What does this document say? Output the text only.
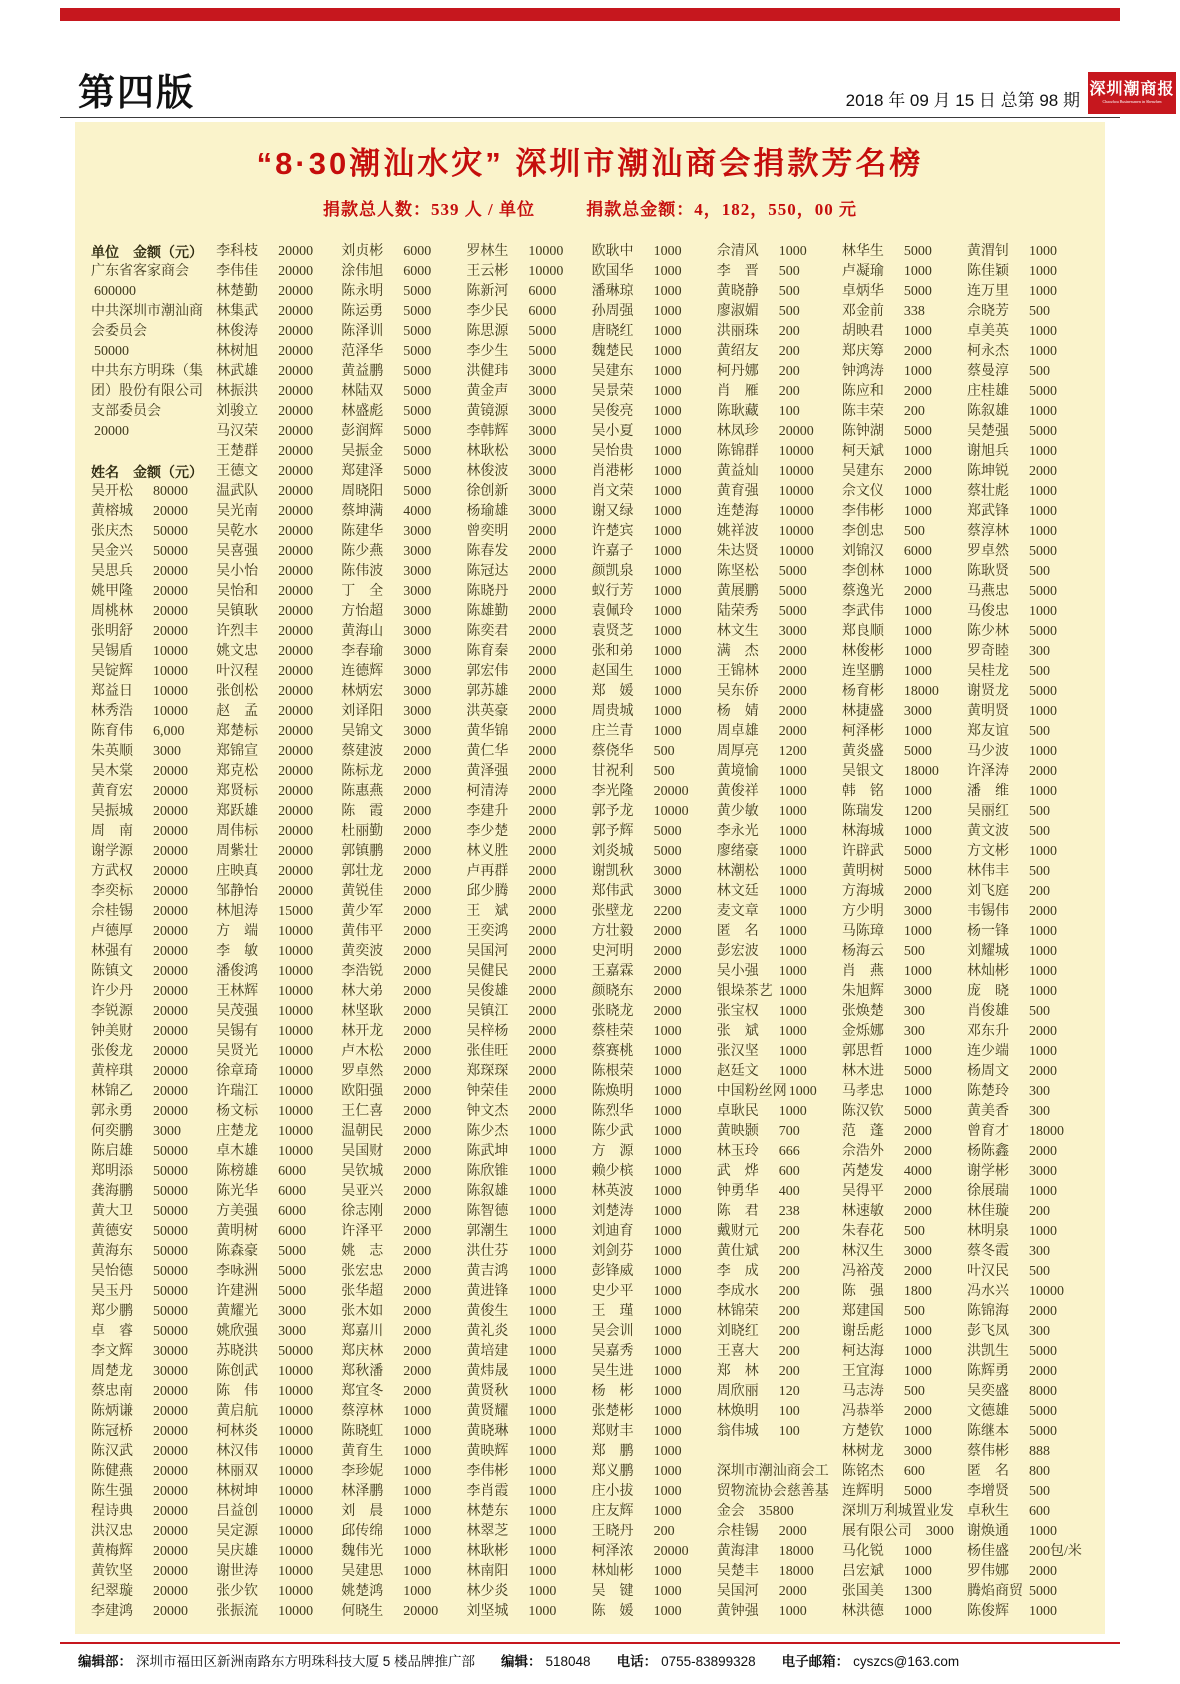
第四版	2018 年 09 月 15 日 总第 98 期
深圳潮商报
Chaozhou Businessmen in Shenzhen
“8·30潮汕水灾” 深圳市潮汕商会捐款芳名榜
捐款总人数：539 人 / 单位	捐款总金额：4，182，550，00 元
单位　金额（元）
广东省客家商会
600000
中共深圳市潮汕商会委员会
50000
中共东方明珠（集团）股份有限公司支部委员会
20000
姓名　金额（元）
吴开松	80000
黄榕城	20000
张庆杰	50000
吴金兴	50000
吴思兵	20000
姚甲隆	20000
周桃林	20000
张明舒	20000
吴锡盾	10000
吴锭辉	10000
郑益日	10000
林秀浩	10000
陈育伟	6,000
朱英顺	3000
吴木棠	20000
黄育宏	20000
吴振城	20000
周　南	20000
谢学源	20000
方武权	20000
李奕标	20000
佘桂锡	20000
卢德厚	20000
林强有	20000
陈镇文	20000
许少丹	20000
李锐源	20000
钟美财	20000
张俊龙	20000
黄梓琪	20000
林锦乙	20000
郭永勇	20000
何奕鹏	3000
陈启雄	50000
郑明添	50000
龚海鹏	50000
黄大卫	50000
黄德安	50000
黄海东	50000
吴怡德	50000
吴玉丹	50000
郑少鹏	50000
卓　睿	50000
李文辉	30000
周楚龙	30000
蔡忠南	20000
陈炳谦	20000
陈冠桥	20000
陈汉武	20000
陈健燕	20000
陈生强	20000
程诗典	20000
洪汉忠	20000
黄梅辉	20000
黄钦坚	20000
纪翠璇	20000
李建鸿	20000
李科枝	20000
李伟佳	20000
林楚勤	20000
林集武	20000
林俊涛	20000
林树旭	20000
林武雄	20000
林振洪	20000
刘骏立	20000
马汉荣	20000
王楚群	20000
王德文	20000
温武队	20000
吴光南	20000
吴乾水	20000
吴喜强	20000
吴小怡	20000
吴怡和	20000
吴镇耿	20000
许烈丰	20000
姚文忠	20000
叶汉程	20000
张创松	20000
赵　孟	20000
郑楚标	20000
郑锦宣	20000
郑克松	20000
郑贤标	20000
郑跃雄	20000
周伟标	20000
周紫壮	20000
庄映真	20000
邹静怡	20000
林旭涛	15000
方　端	10000
李　敏	10000
潘俊鸿	10000
王林辉	10000
吴茂强	10000
吴锡有	10000
吴贤光	10000
徐章琦	10000
许瑞江	10000
杨文标	10000
庄楚龙	10000
卓木雄	10000
陈榜雄	6000
陈光华	6000
方美强	6000
黄明树	6000
陈森豪	5000
李咏洲	5000
许建洲	5000
黄耀光	3000
姚欣强	3000
苏晓洪	50000
陈创武	10000
陈　伟	10000
黄启航	10000
柯林炎	10000
林汉伟	10000
林丽双	10000
林树坤	10000
吕益创	10000
吴定源	10000
吴庆雄	10000
谢世涛	10000
张少钦	10000
张振流	10000
刘贞彬	6000
涂伟旭	6000
陈永明	5000
陈运勇	5000
陈泽训	5000
范泽华	5000
黄益鹏	5000
林陆双	5000
林盛彪	5000
彭润辉	5000
吴振金	5000
郑建泽	5000
周晓阳	5000
蔡坤满	4000
陈建华	3000
陈少燕	3000
陈伟波	3000
丁　全	3000
方怡超	3000
黄海山	3000
李春瑜	3000
连德辉	3000
林炳宏	3000
刘译阳	3000
吴锦文	3000
蔡建波	2000
陈标龙	2000
陈惠燕	2000
陈　霞	2000
杜丽勤	2000
郭镇鹏	2000
郭壮龙	2000
黄锐佳	2000
黄少军	2000
黄伟平	2000
黄奕波	2000
李浩锐	2000
林大弟	2000
林坚耿	2000
林开龙	2000
卢木松	2000
罗卓然	2000
欧阳强	2000
王仁喜	2000
温朝民	2000
吴国财	2000
吴钦城	2000
吴亚兴	2000
徐志刚	2000
许泽平	2000
姚　志	2000
张宏忠	2000
张华超	2000
张木如	2000
郑嘉川	2000
郑庆林	2000
郑秋潘	2000
郑宜冬	2000
蔡淳林	1000
陈晓虹	1000
黄育生	1000
李珍妮	1000
林泽鹏	1000
刘　晨	1000
邱传绵	1000
魏伟光	1000
吴建思	1000
姚楚鸿	1000
何晓生	20000
罗林生	10000
王云彬	10000
陈新河	6000
李少民	6000
陈思源	5000
李少生	5000
洪健玮	3000
黄金声	3000
黄镜源	3000
李韩辉	3000
林耿松	3000
林俊波	3000
徐创新	3000
杨瑜雄	3000
曾奕明	2000
陈春发	2000
陈冠达	2000
陈晓丹	2000
陈雄勤	2000
陈奕君	2000
陈育秦	2000
郭宏伟	2000
郭苏雄	2000
洪英豪	2000
黄华锦	2000
黄仁华	2000
黄泽强	2000
柯清涛	2000
李建升	2000
李少楚	2000
林义胜	2000
卢再群	2000
邱少腾	2000
王　斌	2000
王奕鸿	2000
吴国河	2000
吴健民	2000
吴俊雄	2000
吴镇江	2000
吴梓杨	2000
张佳旺	2000
郑琛琛	2000
钟荣佳	2000
钟文杰	2000
陈少杰	1000
陈武坤	1000
陈欣锥	1000
陈叙雄	1000
陈智德	1000
郭潮生	1000
洪仕芬	1000
黄吉鸿	1000
黄进锋	1000
黄俊生	1000
黄礼炎	1000
黄培建	1000
黄炜晟	1000
黄贤秋	1000
黄贤耀	1000
黄晓琳	1000
黄映辉	1000
李伟彬	1000
李肖霞	1000
林楚东	1000
林翠芝	1000
林耿彬	1000
林南阳	1000
林少炎	1000
刘坚城	1000
欧耿中	1000
欧国华	1000
潘琳琼	1000
孙周强	1000
唐晓红	1000
魏楚民	1000
吴建东	1000
吴景荣	1000
吴俊亮	1000
吴小夏	1000
吴怡贵	1000
肖港彬	1000
肖文荣	1000
谢又绿	1000
许楚宾	1000
许嘉子	1000
颜凯泉	1000
蚁行芳	1000
袁佩玲	1000
袁贤芝	1000
张和弟	1000
赵国生	1000
郑　媛	1000
周贵城	1000
庄兰青	1000
蔡侥华	500
甘祝利	500
李光隆	20000
郭予龙	10000
郭予辉	5000
刘炎城	5000
谢凯秋	3000
郑伟武	3000
张壁龙	2200
方壮毅	2000
史河明	2000
王嘉霖	2000
颜晓东	2000
张晓龙	2000
蔡桂荣	1000
蔡赛桃	1000
陈根荣	1000
陈焕明	1000
陈烈华	1000
陈少武	1000
方　源	1000
赖少槟	1000
林英波	1000
刘楚涛	1000
刘迪育	1000
刘剑芬	1000
彭锋威	1000
史少平	1000
王　瑾	1000
吴会训	1000
吴嘉秀	1000
吴生进	1000
杨　彬	1000
张楚彬	1000
郑财丰	1000
郑　鹏	1000
郑义鹏	1000
庄小拔	1000
庄友辉	1000
王晓丹	200
柯泽浓	20000
林灿彬	1000
吴　键	1000
陈　媛	1000
佘清风	1000
李　晋	500
黄晓静	500
廖淑媚	500
洪丽珠	200
黄绍友	200
柯丹娜	200
肖　雁	200
陈耿藏	100
林凤珍	20000
陈锦群	10000
黄益灿	10000
黄育强	10000
连楚海	10000
姚祥波	10000
朱达贤	10000
陈坚松	5000
黄展鹏	5000
陆荣秀	5000
林文生	3000
满　杰	2000
王锦林	2000
吴东侨	2000
杨　婧	2000
周卓雄	2000
周厚亮	1200
黄境愉	1000
黄俊祥	1000
黄少敏	1000
李永光	1000
廖绪豪	1000
林潮松	1000
林文廷	1000
麦文章	1000
匿　名	1000
彭宏波	1000
吴小强	1000
银垛茶艺 1000
张宝权	1000
张　斌	1000
张汉坚	1000
赵廷文	1000
中国粉丝网 1000
卓耿民	1000
黄映颢	700
林玉玲	666
武　烨	600
钟勇华	400
陈　君	238
戴财元	200
黄仕斌	200
李　成	200
李成水	200
林锦荣	200
刘晓红	200
王喜大	200
郑　林	200
周欣丽	120
林焕明	100
翁伟城	100
深圳市潮汕商会工贸物流协会慈善基金会　35800
佘桂锡	2000
黄海津	18000
吴楚丰	18000
吴国河	2000
黄钟强	1000
林华生	5000
卢凝瑜	1000
卓炳华	5000
邓金前	338
胡映君	1000
郑庆筹	2000
钟鸿涛	1000
陈应和	2000
陈丰荣	200
陈钟湖	5000
柯天斌	1000
吴建东	2000
佘文仪	1000
李伟彬	1000
李创忠	500
刘锦汉	6000
李创林	1000
蔡逸光	2000
李武伟	1000
郑良顺	1000
林俊彬	1000
连坚鹏	1000
杨育彬	18000
林捷盛	3000
柯泽彬	1000
黄炎盛	5000
吴银文	18000
韩　铭	1000
陈瑞发	1200
林海城	1000
许辟武	5000
黄明树	5000
方海城	2000
方少明	3000
马陈璋	1000
杨海云	500
肖　燕	1000
朱旭辉	3000
张焕楚	300
金烁娜	300
郭思哲	1000
林木进	5000
马孝忠	1000
陈汉钦	5000
范　蓬	2000
佘浩外	2000
芮楚发	4000
吴得平	2000
林速敏	2000
朱春花	500
林汉生	3000
冯裕茂	2000
陈　强	1800
郑建国	500
谢岳彪	1000
柯达海	1000
王宜海	1000
马志涛	500
冯恭举	2000
方楚钦	1000
林树龙	3000
陈铭杰	600
连辉明	5000
深圳万利城置业发展有限公司　3000
马化锐	1000
吕宏斌	1000
张国美	1300
林洪德	1000
黄渭钊	1000
陈佳颖	1000
连万里	1000
佘晓芳	500
卓美英	1000
柯永杰	1000
蔡曼淳	500
庄桂雄	5000
陈叙雄	1000
吴楚强	5000
谢旭兵	1000
陈坤锐	2000
蔡壮彪	1000
郑武锋	1000
蔡淳林	1000
罗卓然	5000
陈耿贤	500
马燕忠	5000
马俊忠	1000
陈少林	5000
罗奇睦	300
吴桂龙	500
谢贤龙	5000
黄明贤	1000
郑友谊	500
马少波	1000
许泽涛	2000
潘　维	1000
吴丽红	500
黄文波	500
方文彬	1000
林伟丰	500
刘飞庭	200
韦锡伟	2000
杨一锋	1000
刘耀城	1000
林灿彬	1000
庞　晓	1000
肖俊雄	500
邓东升	2000
连少端	1000
杨周文	2000
陈楚玲	300
黄美香	300
曾育才	18000
杨陈鑫	2000
谢学彬	3000
徐展瑞	1000
林佳璇	200
林明泉	1000
蔡冬霞	300
叶汉民	500
冯水兴	10000
陈锦海	2000
彭飞凤	300
洪凯生	5000
陈辉勇	2000
吴奕盛	8000
文德雄	5000
陈继本	5000
蔡伟彬	888
匿　名	800
李增贤	500
卓秋生	600
谢焕通	1000
杨佳盛	200包/米
罗伟娜	2000
腾焰商贸 5000
陈俊辉	1000
编辑部： 深圳市福田区新洲南路东方明珠科技大厦 5 楼品牌推广部 编辑： 518048 电话： 0755-83899328 电子邮箱： cyszcs@163.com
